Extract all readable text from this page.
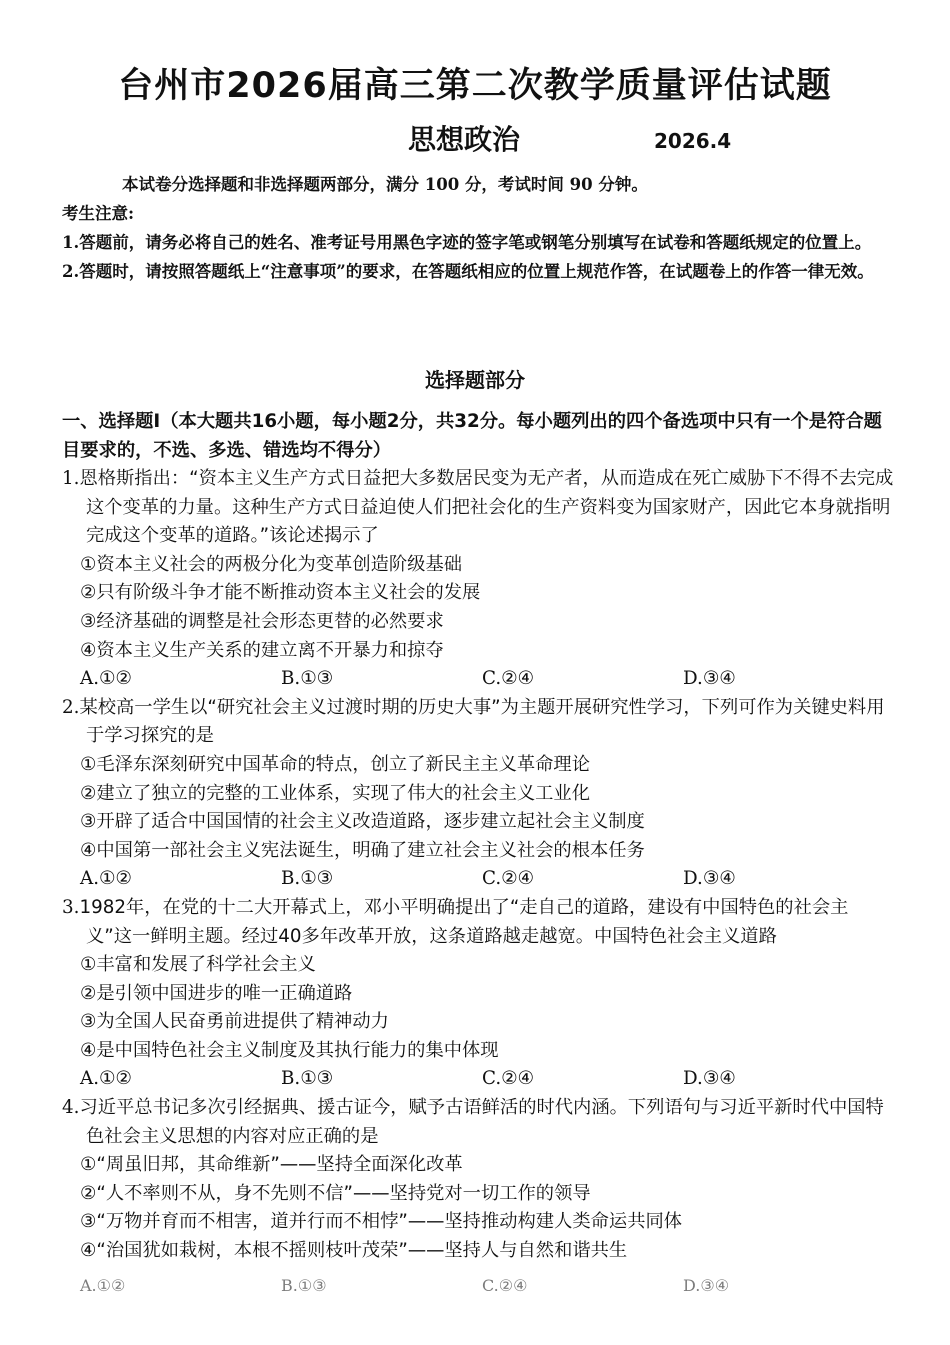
台州市2026届高三第二次教学质量评估试题
思想政治	2026.4

本试卷分选择题和非选择题两部分，满分 100 分，考试时间 90 分钟。

考生注意:

1.答题前，请务必将自己的姓名、准考证号用黑色字迹的签字笔或钢笔分别填写在试卷和答题纸规定的位置上。

2.答题时，请按照答题纸上“注意事项”的要求，在答题纸相应的位置上规范作答，在试题卷上的作答一律无效。

选择题部分
一、选择题Ⅰ（本大题共16小题，每小题2分，共32分。每小题列出的四个备选项中只有一个是符合题目要求的，不选、多选、错选均不得分）

1.恩格斯指出：“资本主义生产方式日益把大多数居民变为无产者，从而造成在死亡威胁下不得不去完成这个变革的力量。这种生产方式日益迫使人们把社会化的生产资料变为国家财产，因此它本身就指明完成这个变革的道路。”该论述揭示了

①资本主义社会的两极分化为变革创造阶级基础

②只有阶级斗争才能不断推动资本主义社会的发展

③经济基础的调整是社会形态更替的必然要求

④资本主义生产关系的建立离不开暴力和掠夺

A.①②	B.①③	C.②④	D.③④

2.某校高一学生以“研究社会主义过渡时期的历史大事”为主题开展研究性学习，下列可作为关键史料用于学习探究的是

①毛泽东深刻研究中国革命的特点，创立了新民主主义革命理论

②建立了独立的完整的工业体系，实现了伟大的社会主义工业化

③开辟了适合中国国情的社会主义改造道路，逐步建立起社会主义制度

④中国第一部社会主义宪法诞生，明确了建立社会主义社会的根本任务

A.①②	B.①③	C.②④	D.③④

3.1982年，在党的十二大开幕式上，邓小平明确提出了“走自己的道路，建设有中国特色的社会主义”这一鲜明主题。经过40多年改革开放，这条道路越走越宽。中国特色社会主义道路

①丰富和发展了科学社会主义

②是引领中国进步的唯一正确道路

③为全国人民奋勇前进提供了精神动力

④是中国特色社会主义制度及其执行能力的集中体现

A.①②	B.①③	C.②④	D.③④

4.习近平总书记多次引经据典、援古证今，赋予古语鲜活的时代内涵。下列语句与习近平新时代中国特色社会主义思想的内容对应正确的是

①“周虽旧邦，其命维新”——坚持全面深化改革

②“人不率则不从，身不先则不信”——坚持党对一切工作的领导

③“万物并育而不相害，道并行而不相悖”——坚持推动构建人类命运共同体

④“治国犹如栽树，本根不摇则枝叶茂荣”——坚持人与自然和谐共生

A.①②	B.①③	C.②④	D.③④
